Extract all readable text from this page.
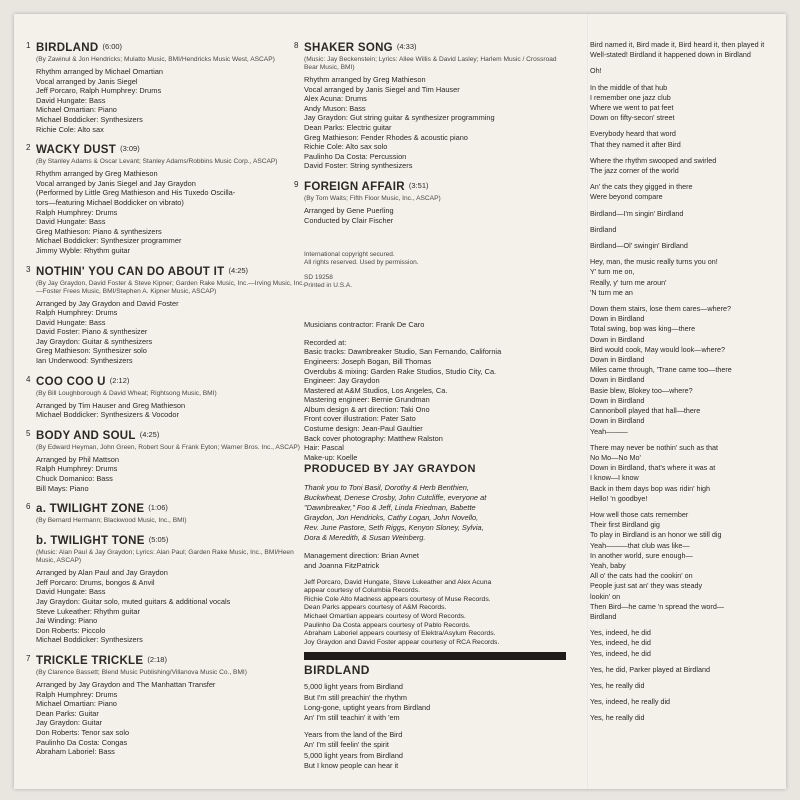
1 BIRDLAND (6:00)
(By Zawinul & Jon Hendricks; Mulatto Music, BMI/Hendricks Music West, ASCAP)
Rhythm arranged by Michael Omartian
Vocal arranged by Janis Siegel
Jeff Porcaro, Ralph Humphrey: Drums
David Hungate: Bass
Michael Omartian: Piano
Michael Boddicker: Synthesizers
Richie Cole: Alto sax
2 WACKY DUST (3:09)
(By Stanley Adams & Oscar Levant; Stanley Adams/Robbins Music Corp., ASCAP)
Rhythm arranged by Greg Mathieson
Vocal arranged by Janis Siegel and Jay Graydon
(Performed by Little Greg Mathieson and His Tuxedo Oscilla-
tors—featuring Michael Boddicker on vibrato)
Ralph Humphrey: Drums
David Hungate: Bass
Greg Mathieson: Piano & synthesizers
Michael Boddicker: Synthesizer programmer
Jimmy Wyble: Rhythm guitar
3 NOTHIN' YOU CAN DO ABOUT IT (4:25)
(By Jay Graydon, David Foster & Steve Kipner; Garden Rake Music, Inc.—Irving Music, Inc.—Foster Frees Music, BMI/Stephen A. Kipner Music, ASCAP)
Arranged by Jay Graydon and David Foster
Ralph Humphrey: Drums
David Hungate: Bass
David Foster: Piano & synthesizer
Jay Graydon: Guitar & synthesizers
Greg Mathieson: Synthesizer solo
Ian Underwood: Synthesizers
4 COO COO U (2:12)
(By Bill Loughborough & David Wheat; Rightsong Music, BMI)
Arranged by Tim Hauser and Greg Mathieson
Michael Boddicker: Synthesizers & Vocodor
5 BODY AND SOUL (4:25)
(By Edward Heyman, John Green, Robert Sour & Frank Eyton; Warner Bros. Inc., ASCAP)
Arranged by Phil Mattson
Ralph Humphrey: Drums
Chuck Domanico: Bass
Bill Mays: Piano
6 a. TWILIGHT ZONE (1:06)
(By Bernard Hermann; Blackwood Music, Inc., BMI)
b. TWILIGHT TONE (5:05)
(Music: Alan Paul & Jay Graydon; Lyrics: Alan Paul; Garden Rake Music, Inc., BMI/Heen Music, ASCAP)
Arranged by Alan Paul and Jay Graydon
Jeff Porcaro: Drums, bongos & Anvil
David Hungate: Bass
Jay Graydon: Guitar solo, muted guitars & additional vocals
Steve Lukeather: Rhythm guitar
Jai Winding: Piano
Don Roberts: Piccolo
Michael Boddicker: Synthesizers
7 TRICKLE TRICKLE (2:18)
(By Clarence Bassett; Blend Music Publishing/Villanova Music Co., BMI)
Arranged by Jay Graydon and The Manhattan Transfer
Ralph Humphrey: Drums
Michael Omartian: Piano
Dean Parks: Guitar
Jay Graydon: Guitar
Don Roberts: Tenor sax solo
Paulinho Da Costa: Congas
Abraham Laboriel: Bass
8 SHAKER SONG (4:33)
(Music: Jay Beckenstein; Lyrics: Allee Willis & David Lasley; Harlem Music / Crossroad Bear Music, BMI)
Rhythm arranged by Greg Mathieson
Vocal arranged by Janis Siegel and Tim Hauser
Alex Acuna: Drums
Andy Muson: Bass
Jay Graydon: Gut string guitar & synthesizer programming
Dean Parks: Electric guitar
Greg Mathieson: Fender Rhodes & acoustic piano
Richie Cole: Alto sax solo
Paulinho Da Costa: Percussion
David Foster: String synthesizers
9 FOREIGN AFFAIR (3:51)
(By Tom Waits; Fifth Floor Music, Inc., ASCAP)
Arranged by Gene Puerling
Conducted by Clair Fischer
International copyright secured.
All rights reserved. Used by permission.
SD 19258
Printed in U.S.A.
Musicians contractor: Frank De Caro
Recorded at:
Basic tracks: Dawnbreaker Studio, San Fernando, California
Engineers: Joseph Bogan, Bill Thomas
Overdubs & mixing: Garden Rake Studios, Studio City, Ca.
Engineer: Jay Graydon
Mastered at A&M Studios, Los Angeles, Ca.
Mastering engineer: Bernie Grundman
Album design & art direction: Taki Ono
Front cover illustration: Pater Sato
Costume design: Jean-Paul Gaultier
Back cover photography: Matthew Ralston
Hair: Pascal
Make-up: Koelle
PRODUCED BY JAY GRAYDON
Thank you to Toni Basil, Dorothy & Herb Benthien,
Buckwheat, Denese Crosby, John Cutcliffe, everyone at
"Dawnbreaker," Foo & Jeff, Linda Friedman, Babette
Graydon, Jon Hendricks, Cathy Logan, John Novello,
Rev. June Pastore, Seth Riggs, Kenyon Sloney, Sylvia,
Dora & Meredith, & Susan Weinberg.
Management direction: Brian Avnet
and Joanna FitzPatrick
Jeff Porcaro, David Hungate, Steve Lukeather and Alex Acuna
appear courtesy of Columbia Records.
Richie Cole Alto Madness appears courtesy of Muse Records.
Dean Parks appears courtesy of A&M Records.
Michael Omartian appears courtesy of Word Records.
Paulinho Da Costa appears courtesy of Pablo Records.
Abraham Laboriel appears courtesy of Elektra/Asylum Records.
Joy Graydon and David Foster appear courtesy of RCA Records.
BIRDLAND
5,000 light years from Birdland
But I'm still preachin' the rhythm
Long-gone, uptight years from Birdland
An' I'm still teachin' it with 'em
Years from the land of the Bird
An' I'm still feelin' the spirit
5,000 light years from Birdland
But I know people can hear it
Bird named it, Bird made it, Bird heard it, then played it
Well-stated! Birdland it happened down in Birdland
Oh!
In the middle of that hub
I remember one jazz club
Where we went to pat feet
Down on fifty-secon' street
Everybody heard that word
That they named it after Bird
Where the rhythm swooped and swirled
The jazz corner of the world
An' the cats they gigged in there
Were beyond compare
Birdland—I'm singin' Birdland
Birdland
Birdland—Ol' swingin' Birdland
Hey, man, the music really turns you on!
Y' turn me on,
Really, y' turn me aroun'
'N turn me an
Down them stairs, lose them cares—where?
Down in Birdland
Total swing, bop was king—there
Down in Birdland
Bird would cook, May would look—where?
Down in Birdland
Miles came through, 'Trane came too—there
Down in Birdland
Basie blew, Blokey too—where?
Down in Birdland
Cannonboll played that hall—there
Down in Birdland
Yeah———
There may never be nothin' such as that
No Mo—No Mo'
Down in Birdland, that's where it was at
I know—I know
Back in them days bop was ridin' high
Hello! 'n goodbye!
How well those cats remember
Their first Birdland gig
To play in Birdland is an honor we still dig
Yeah———that club was like—
In another world, sure enough—
Yeah, baby
All o' the cats had the cookin' on
People just sat an' they was steady
lookin' on
Then Bird—he came 'n spread the word—
Birdland
Yes, indeed, he did
Yes, indeed, he did
Yes, indeed, he did
Yes, he did, Parker played at Birdland
Yes, he really did
Yes, indeed, he really did
Yes, he really did
